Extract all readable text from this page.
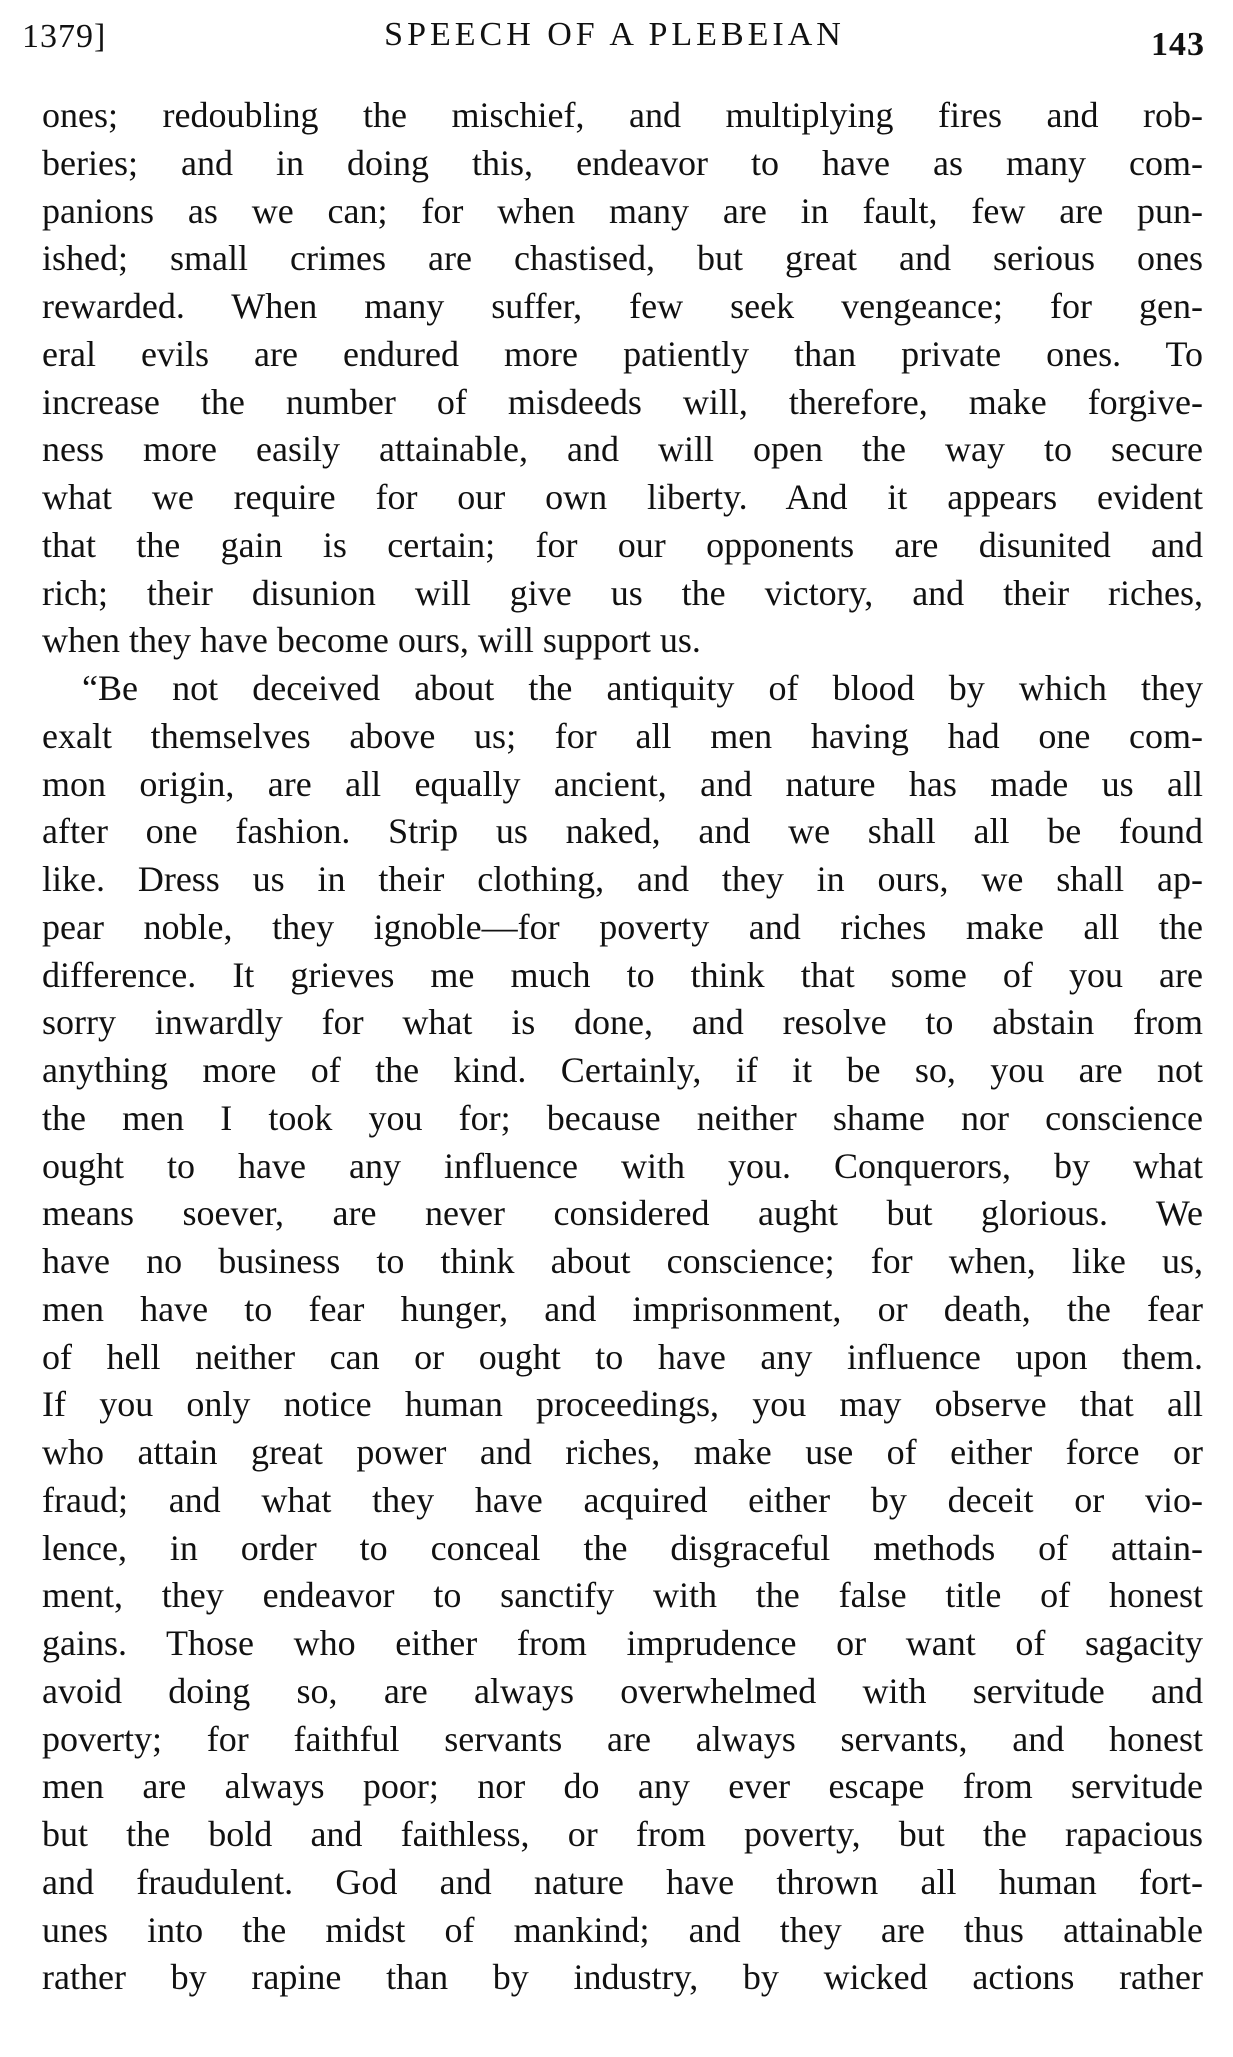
1379]	SPEECH OF A PLEBEIAN	143
ones; redoubling the mischief, and multiplying fires and rob-
beries; and in doing this, endeavor to have as many com-
panions as we can; for when many are in fault, few are pun-
ished; small crimes are chastised, but great and serious ones
rewarded. When many suffer, few seek vengeance; for gen-
eral evils are endured more patiently than private ones. To
increase the number of misdeeds will, therefore, make forgive-
ness more easily attainable, and will open the way to secure
what we require for our own liberty. And it appears evident
that the gain is certain; for our opponents are disunited and
rich; their disunion will give us the victory, and their riches,
when they have become ours, will support us.
“Be not deceived about the antiquity of blood by which they
exalt themselves above us; for all men having had one com-
mon origin, are all equally ancient, and nature has made us all
after one fashion. Strip us naked, and we shall all be found
like. Dress us in their clothing, and they in ours, we shall ap-
pear noble, they ignoble—for poverty and riches make all the
difference. It grieves me much to think that some of you are
sorry inwardly for what is done, and resolve to abstain from
anything more of the kind. Certainly, if it be so, you are not
the men I took you for; because neither shame nor conscience
ought to have any influence with you. Conquerors, by what
means soever, are never considered aught but glorious. We
have no business to think about conscience; for when, like us,
men have to fear hunger, and imprisonment, or death, the fear
of hell neither can or ought to have any influence upon them.
If you only notice human proceedings, you may observe that all
who attain great power and riches, make use of either force or
fraud; and what they have acquired either by deceit or vio-
lence, in order to conceal the disgraceful methods of attain-
ment, they endeavor to sanctify with the false title of honest
gains. Those who either from imprudence or want of sagacity
avoid doing so, are always overwhelmed with servitude and
poverty; for faithful servants are always servants, and honest
men are always poor; nor do any ever escape from servitude
but the bold and faithless, or from poverty, but the rapacious
and fraudulent. God and nature have thrown all human fort-
unes into the midst of mankind; and they are thus attainable
rather by rapine than by industry, by wicked actions rather
